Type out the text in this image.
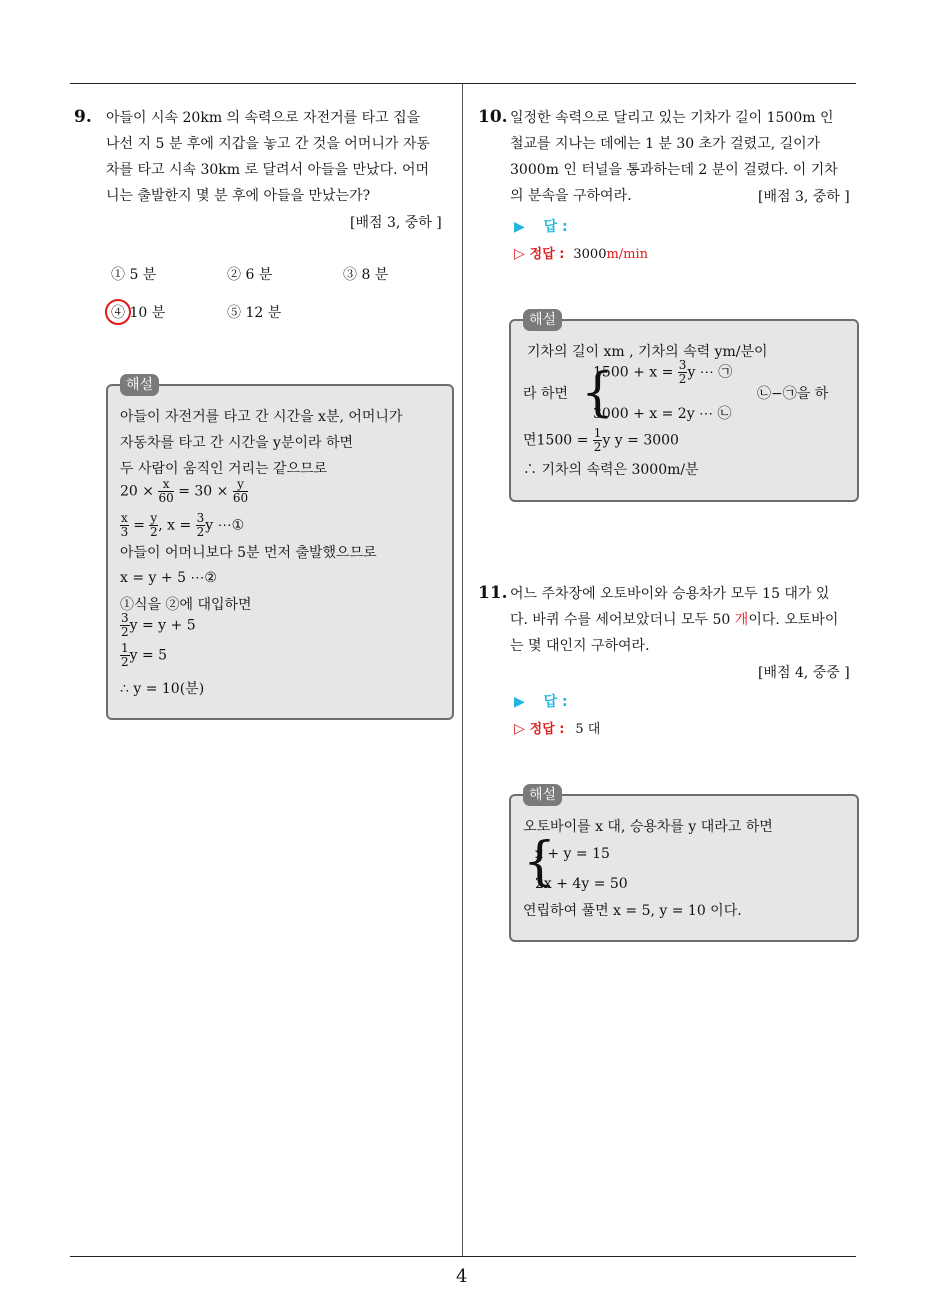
4
9. 아들이 시속 20km 의 속력으로 자전거를 타고 집을
나선 지 5 분 후에 지갑을 놓고 간 것을 어머니가 자동
차를 타고 시속 30km 로 달려서 아들을 만났다. 어머
니는 출발한지 몇 분 후에 아들을 만났는가?
[배점 3, 중하 ]
① 5 분	② 6 분	③ 8 분
④ 10 분	⑤ 12 분
해설
아들이 자전거를 타고 간 시간을 x분, 어머니가
자동차를 타고 간 시간을 y분이라 하면
두 사람이 움직인 거리는 같으므로
$20 \times \frac{x}{60} = 30 \times \frac{y}{60}$
$\frac{x}{3} = \frac{y}{2}$ , $x = \frac{3}{2}$ y ⋯①
아들이 어머니보다 5분 먼저 출발했으므로
x = y + 5 ⋯②
①식을 ②에 대입하면
$\frac{3}{2}$ y = y + 5
$\frac{1}{2}$ y = 5
∴ y = 10(분)
10. 일정한 속력으로 달리고 있는 기차가 길이 1500m 인
철교를 지나는 데에는 1 분 30 초가 걸렸고, 길이가
3000m 인 터널을 통과하는데 2 분이 걸렸다. 이 기차
의 분속을 구하여라.	[배점 3, 중하 ]
▶ 답 :
▷ 정답 : 3000m/min
해설
기차의 길이 xm , 기차의 속력 ym/분이
라 하면 {
$1500 + x = \frac{3}{2}$ y ⋯ ㉠
3000 + x = 2y ⋯ ㉡
㉡−㉠을 하
면$1500 = \frac{1}{2}$ y y = 3000
∴ 기차의 속력은 3000m/분
11. 어느 주차장에 오토바이와 승용차가 모두 15 대가 있
다. 바퀴 수를 세어보았더니 모두 50 개이다. 오토바이
는 몇 대인지 구하여라.
[배점 4, 중중 ]
▶ 답 :
▷ 정답 : 5 대
해설
오토바이를 x 대, 승용차를 y 대라고 하면
{
x + y = 15
2x + 4y = 50
연립하여 풀면 x = 5, y = 10 이다.
